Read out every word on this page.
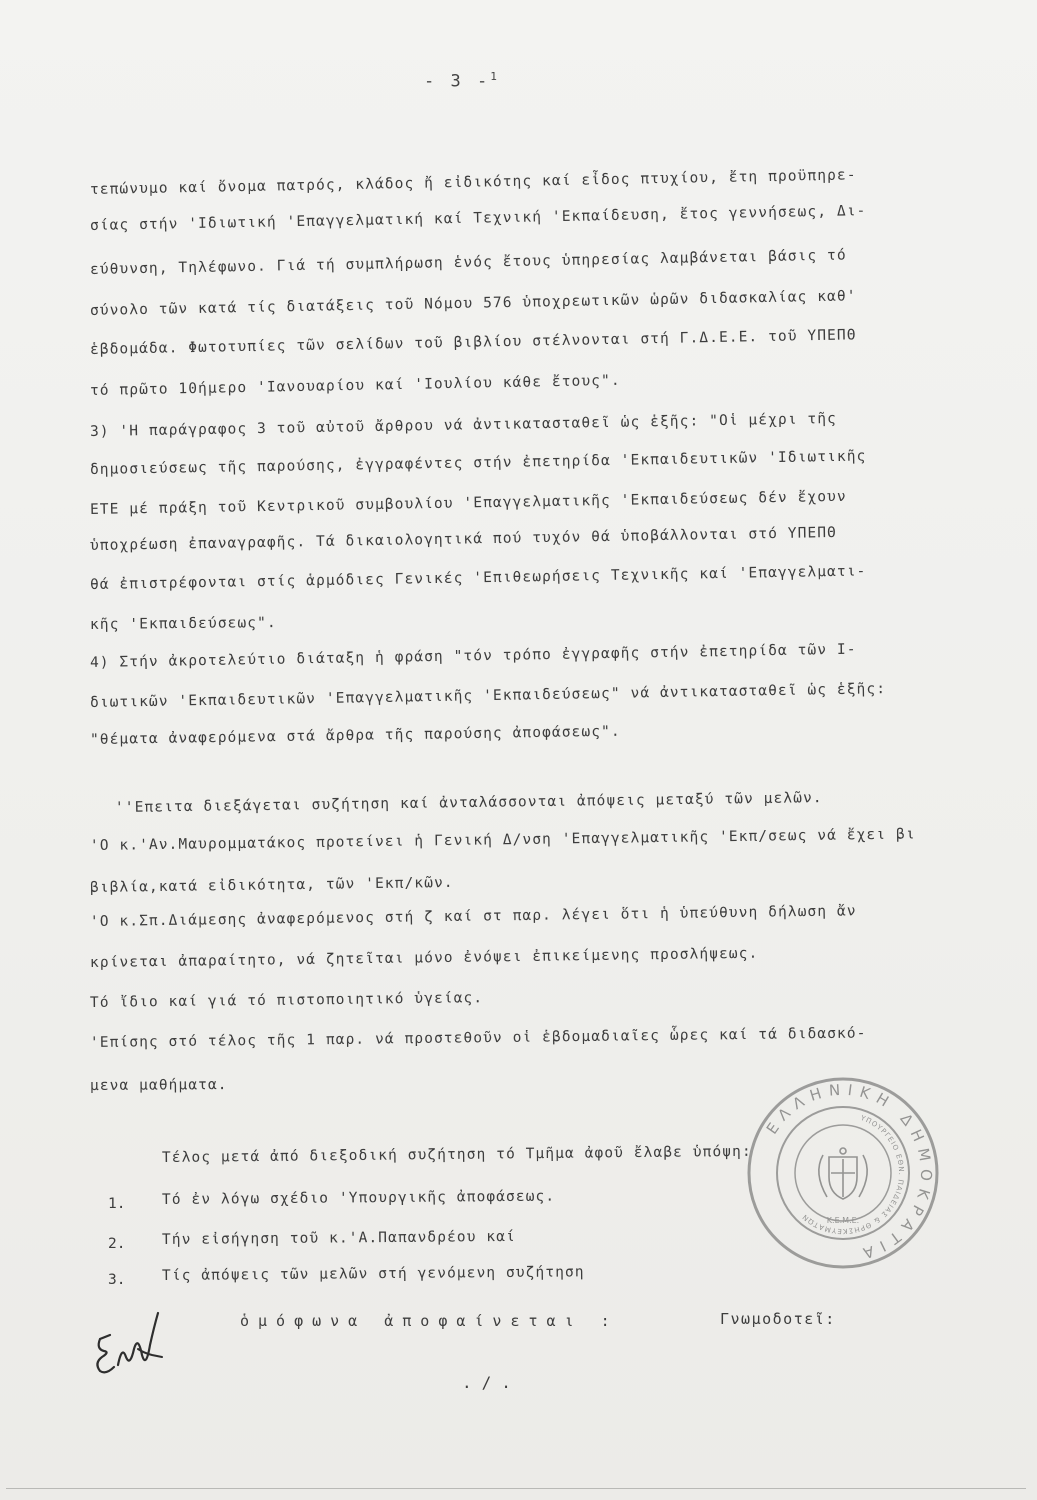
- 3 -$^1$
τεπώνυμο καί ὄνομα πατρός, κλάδος ἤ εἰδικότης καί εἶδος πτυχίου, ἔτη προϋπηρε-
σίας στήν 'Ιδιωτική 'Επαγγελματική καί Τεχνική 'Εκπαίδευση, ἔτος γεννήσεως, Δι-
εύθυνση, Τηλέφωνο. Γιά τή συμπλήρωση ἑνός ἔτους ὑπηρεσίας λαμβάνεται βάσις τό
σύνολο τῶν κατά τίς διατάξεις τοῦ Νόμου 576 ὑποχρεωτικῶν ὡρῶν διδασκαλίας καθ'
ἑβδομάδα. Φωτοτυπίες τῶν σελίδων τοῦ βιβλίου στέλνονται στή Γ.Δ.Ε.Ε. τοῦ ΥΠΕΠΘ
τό πρῶτο 10ήμερο 'Ιανουαρίου καί 'Ιουλίου κάθε ἔτους".
3) 'Η παράγραφος 3 τοῦ αὐτοῦ ἄρθρου νά ἀντικατασταθεῖ ὡς ἑξῆς: "Οἱ μέχρι τῆς
δημοσιεύσεως τῆς παρούσης, ἐγγραφέντες στήν ἐπετηρίδα 'Εκπαιδευτικῶν 'Ιδιωτικῆς
ΕΤΕ μέ πράξη τοῦ Κεντρικοῦ συμβουλίου 'Επαγγελματικῆς 'Εκπαιδεύσεως δέν ἔχουν
ὑποχρέωση ἐπαναγραφῆς. Τά δικαιολογητικά πού τυχόν θά ὑποβάλλονται στό ΥΠΕΠΘ
θά ἐπιστρέφονται στίς ἁρμόδιες Γενικές 'Επιθεωρήσεις Τεχνικῆς καί 'Επαγγελματι-
κῆς 'Εκπαιδεύσεως".
4) Στήν ἀκροτελεύτιο διάταξη ἡ φράση "τόν τρόπο ἐγγραφῆς στήν ἐπετηρίδα τῶν Ι-
διωτικῶν 'Εκπαιδευτικῶν 'Επαγγελματικῆς 'Εκπαιδεύσεως" νά ἀντικατασταθεῖ ὡς ἑξῆς:
"θέματα ἀναφερόμενα στά ἄρθρα τῆς παρούσης ἀποφάσεως".
''Επειτα διεξάγεται συζήτηση καί ἀνταλάσσονται ἀπόψεις μεταξύ τῶν μελῶν.
'Ο κ.'Αν.Μαυρομματάκος προτείνει ἡ Γενική Δ/νση 'Επαγγελματικῆς 'Εκπ/σεως νά ἔχει βι
βιβλία,κατά εἰδικότητα, τῶν 'Εκπ/κῶν.
'Ο κ.Σπ.Διάμεσης ἀναφερόμενος στή ζ καί στ παρ. λέγει ὅτι ἡ ὑπεύθυνη δήλωση ἄν
κρίνεται ἀπαραίτητο, νά ζητεῖται μόνο ἐνόψει ἐπικείμενης προσλήψεως.
Τό ἴδιο καί γιά τό πιστοποιητικό ὑγείας.
'Επίσης στό τέλος τῆς 1 παρ. νά προστεθοῦν οἱ ἑβδομαδιαῖες ὧρες καί τά διδασκό-
μενα μαθήματα.
Τέλος μετά ἀπό διεξοδική συζήτηση τό Τμῆμα ἀφοῦ ἔλαβε ὑπόψη:
1.	Τό ἐν λόγω σχέδιο 'Υπουργικῆς ἀποφάσεως.
2.	Τήν εἰσήγηση τοῦ κ.'Α.Παπανδρέου καί
3.	Τίς ἀπόψεις τῶν μελῶν στή γενόμενη συζήτηση
ὁμόφωνα ἀποφαίνεται :	Γνωμοδοτεῖ:
./.
ΕΛΛΗΝΙΚΗ ΔΗΜΟΚΡΑΤΙΑ
ΥΠΟΥΡΓΕΙΟ ΕΘΝ. ΠΑΙΔΕΙΑΣ & ΘΡΗΣΚΕΥΜΑΤΩΝ	Κ.Ε.Μ.Ε.
